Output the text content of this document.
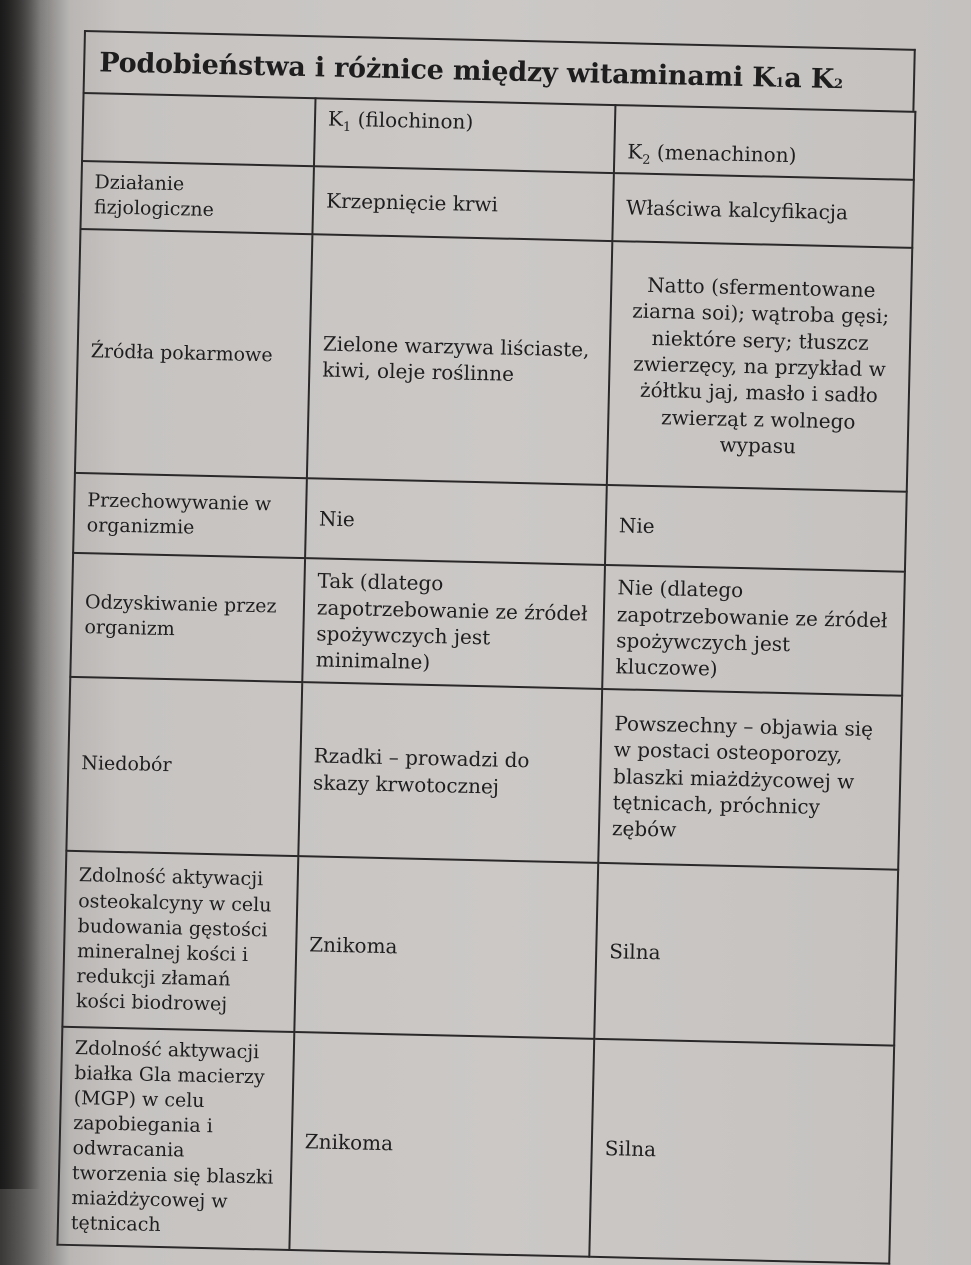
Podobieństwa i różnice między witaminami K 1 a K 2
	$K_1$ (filochinon)	$K_2$ (menachinon)
Działanie fizjologiczne	Krzepnięcie krwi	Właściwa kalcyfikacja
Źródła pokarmowe	Zielone warzywa liściaste, kiwi, oleje roślinne	Natto (sfermentowane ziarna soi); wątroba gęsi; niektóre sery; tłuszcz zwierzęcy, na przykład w żółtku jaj, masło i sadło zwierząt z wolnego wypasu
Przechowywanie w organizmie	Nie	Nie
Odzyskiwanie przez organizm	Tak (dlatego zapotrzebowanie ze źródeł spożywczych jest minimalne)	Nie (dlatego zapotrzebowanie ze źródeł spożywczych jest kluczowe)
Niedobór	Rzadki – prowadzi do skazy krwotocznej	Powszechny – objawia się w postaci osteoporozy, blaszki miażdżycowej w tętnicach, próchnicy zębów
Zdolność aktywacji osteokalcyny w celu budowania gęstości mineralnej kości i redukcji złamań kości biodrowej	Znikoma	Silna
Zdolność aktywacji białka Gla macierzy (MGP) w celu zapobiegania i odwracania tworzenia się blaszki miażdżycowej w tętnicach	Znikoma	Silna
